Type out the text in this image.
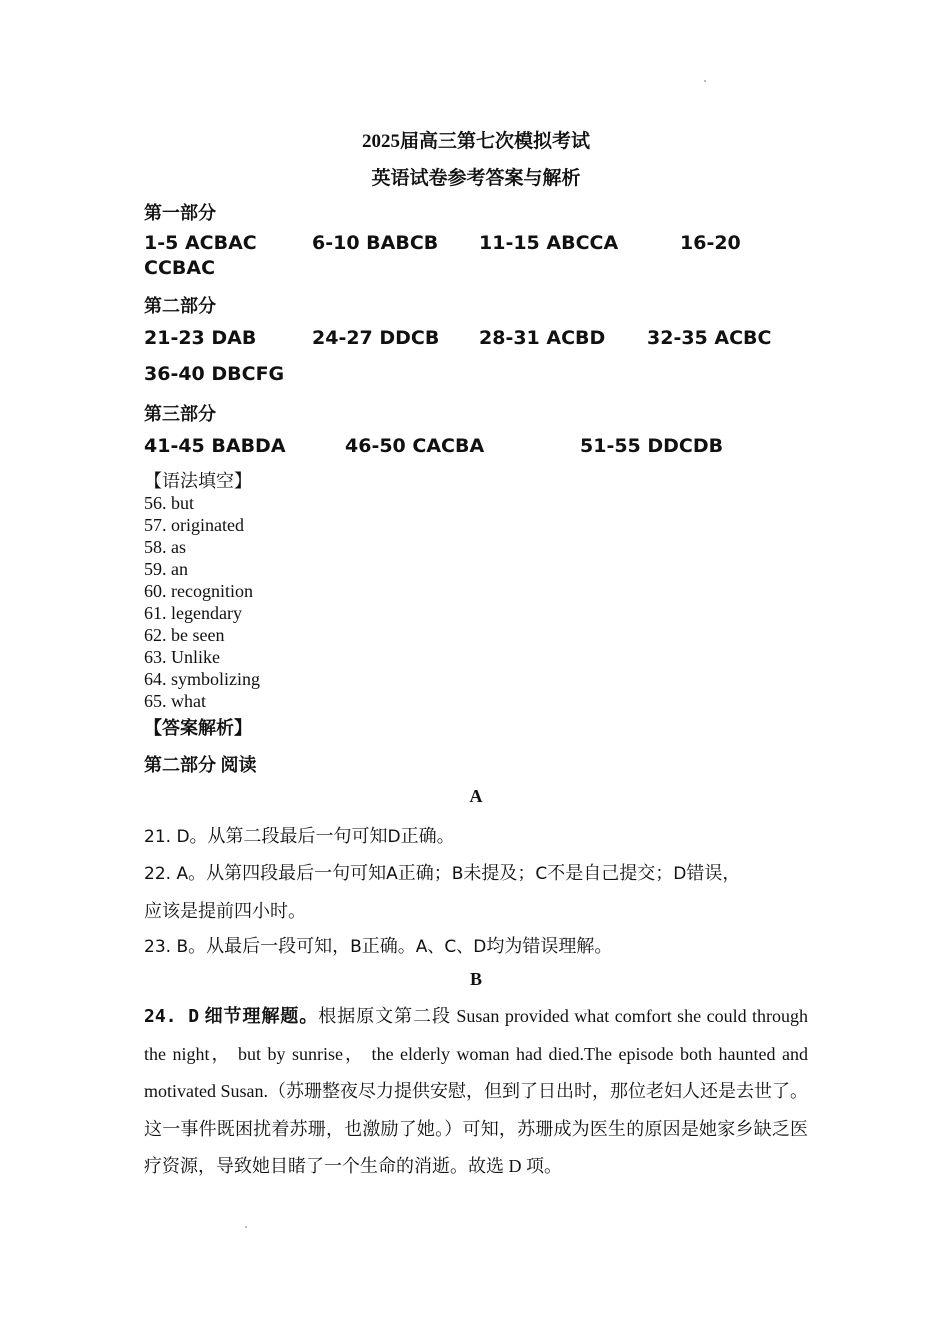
2025届高三第七次模拟考试
英语试卷参考答案与解析
第一部分
1-5 ACBAC	6-10 BABCB 11-15 ABCCA	16-20
CCBAC
第二部分
21-23 DAB	24-27 DDCB 28-31 ACBD 32-35 ACBC
36-40 DBCFG
第三部分
41-45 BABDA	46-50 CACBA	51-55 DDCDB
【语法填空】
56. but
57. originated
58. as
59. an
60. recognition
61. legendary
62. be seen
63. Unlike
64. symbolizing
65. what
【答案解析】
第二部分 阅读
A
21. D。从第二段最后一句可知D正确。
22. A。从第四段最后一句可知A正确；B未提及；C不是自己提交；D错误，
应该是提前四小时。
23. B。从最后一段可知，B正确。A、C、D均为错误理解。
B
24. D 细节理解题。根据原文第二段 Susan provided what comfort she could through the night， but by sunrise， the elderly woman had died.The episode both haunted and motivated Susan.（苏珊整夜尽力提供安慰，但到了日出时，那位老妇人还是去世了。这一事件既困扰着苏珊，也激励了她。）可知，苏珊成为医生的原因是她家乡缺乏医疗资源，导致她目睹了一个生命的消逝。故选 D 项。
